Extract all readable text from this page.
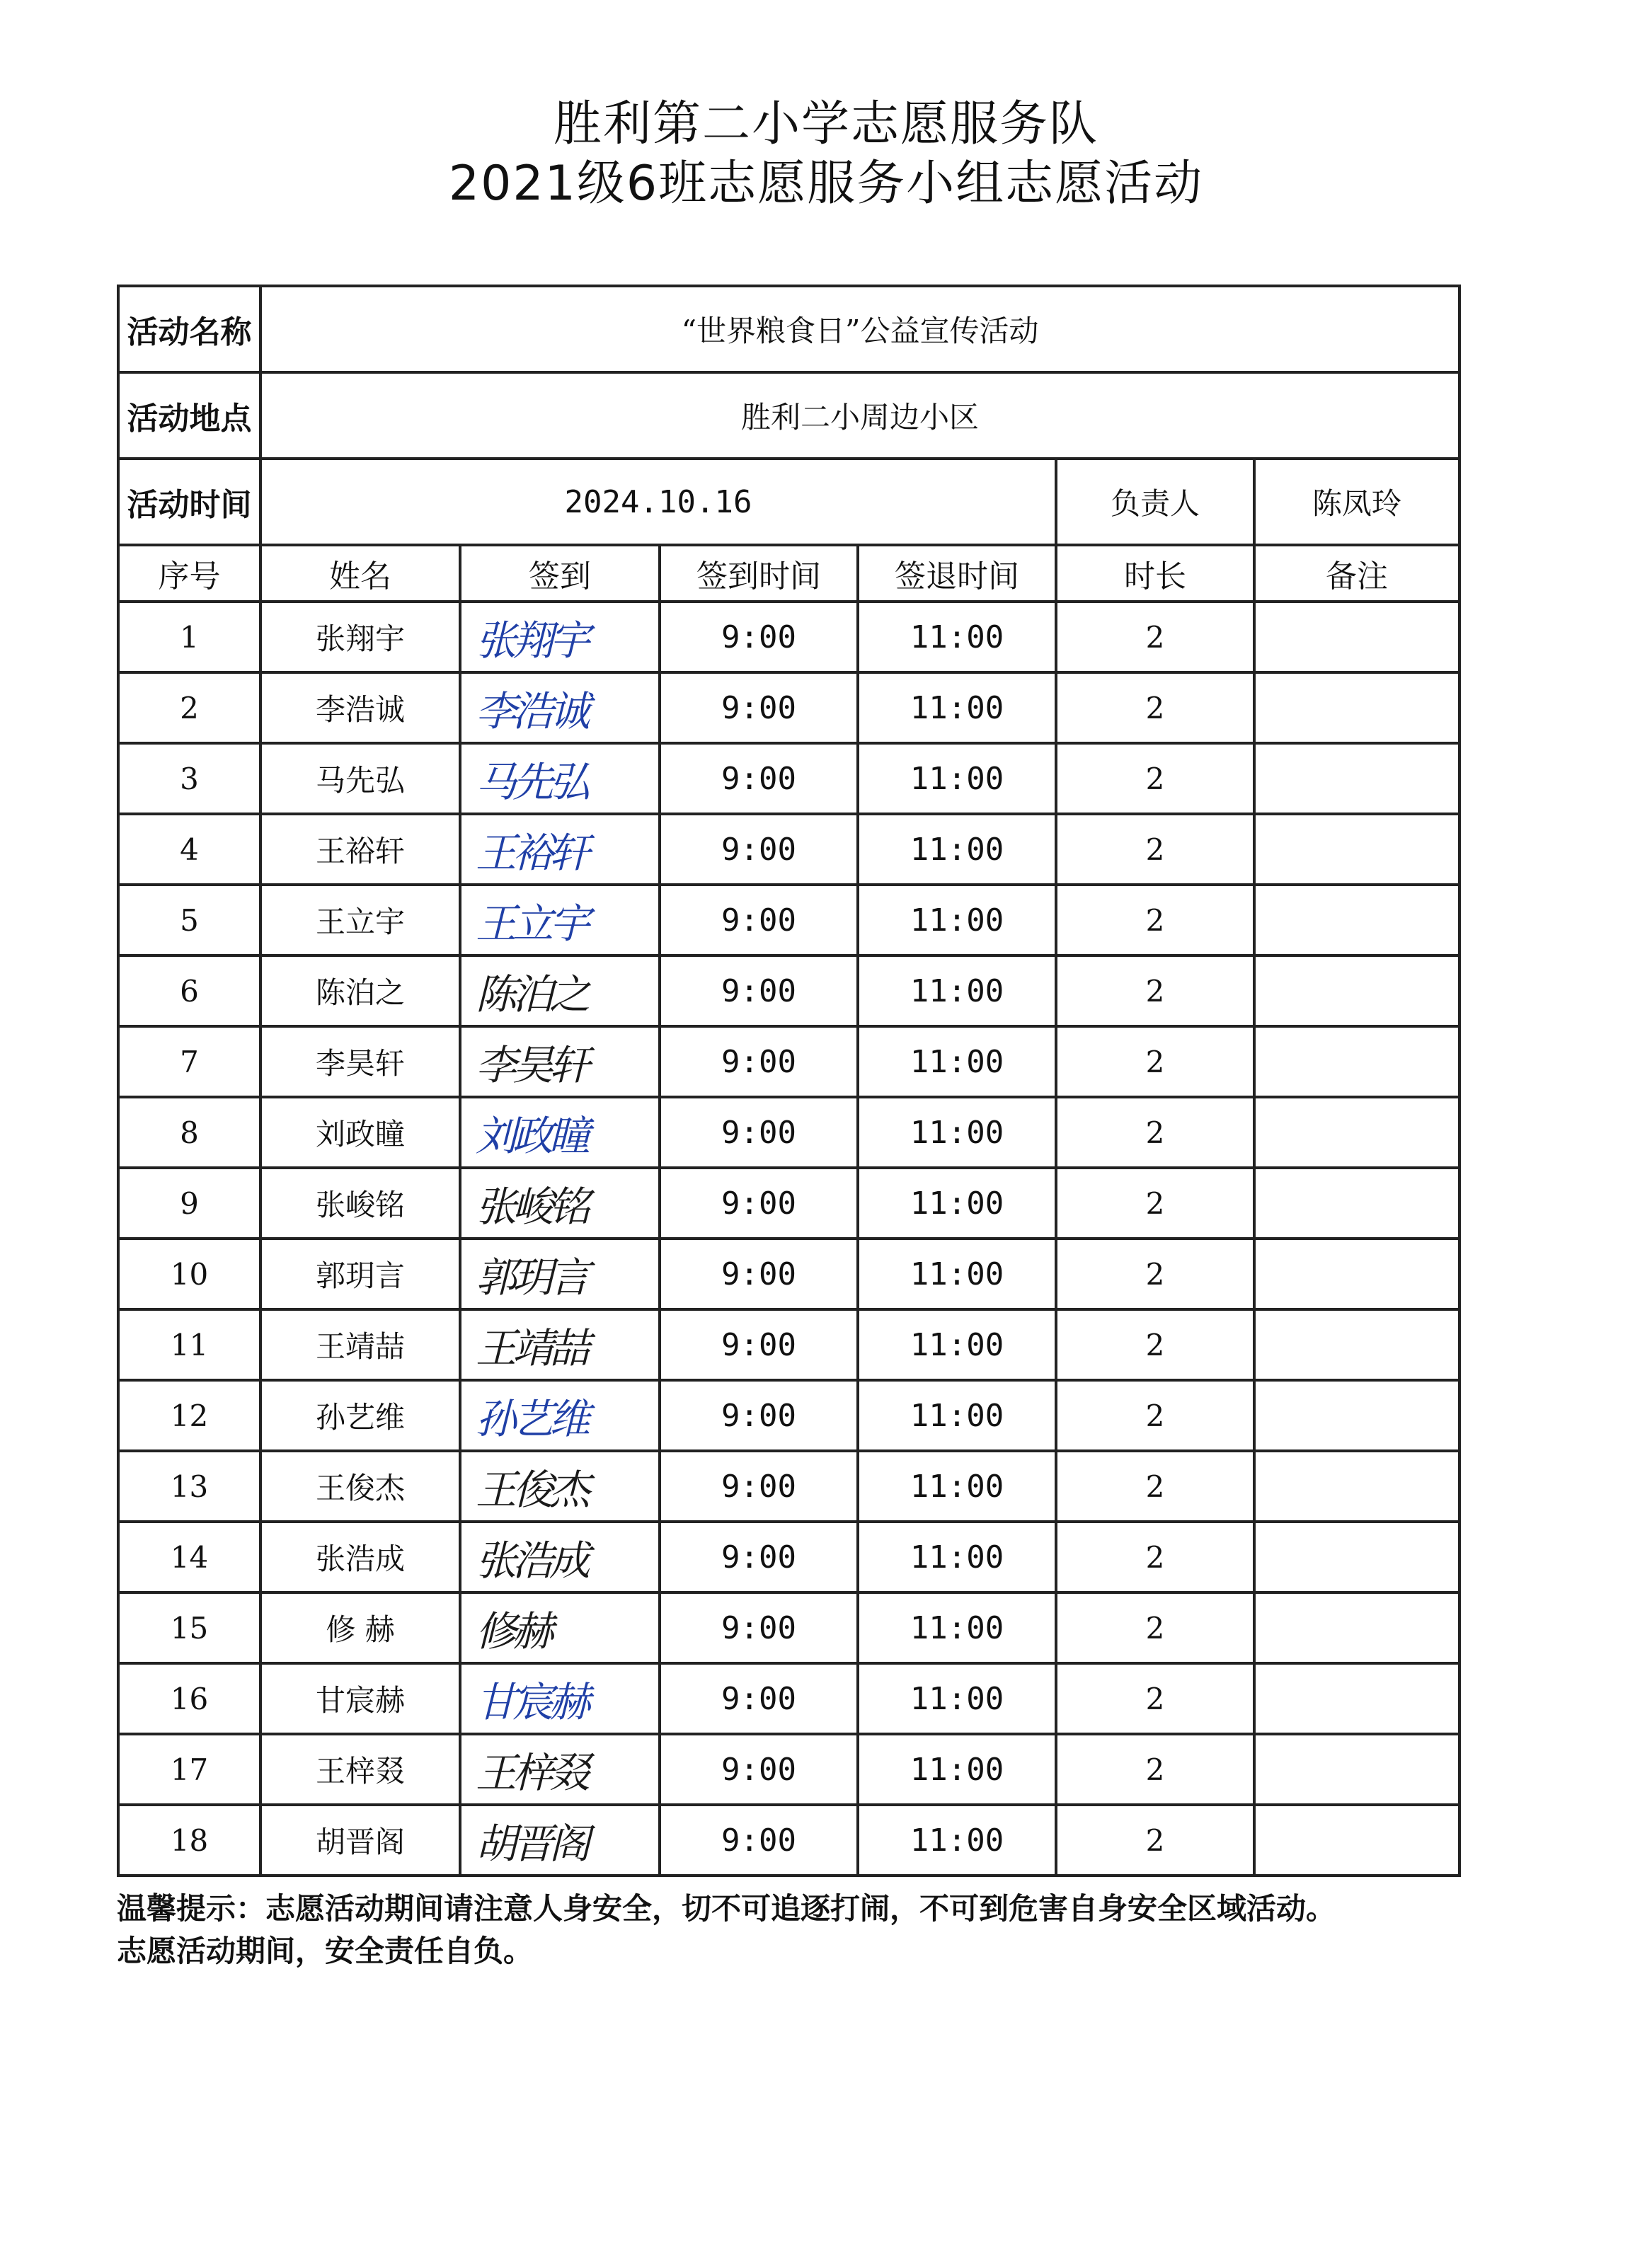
胜利第二小学志愿服务队
2021级6班志愿服务小组志愿活动
活动名称	“世界粮食日”公益宣传活动					
活动地点	胜利二小周边小区					
活动时间	2024.10.16				负责人	陈凤玲
序号	姓名	签到	签到时间	签退时间	时长	备注
1	张翔宇	张翔宇	9:00	11:00	2	
2	李浩诚	李浩诚	9:00	11:00	2	
3	马先弘	马先弘	9:00	11:00	2	
4	王裕轩	王裕轩	9:00	11:00	2	
5	王立宇	王立宇	9:00	11:00	2	
6	陈泊之	陈泊之	9:00	11:00	2	
7	李昊轩	李昊轩	9:00	11:00	2	
8	刘政瞳	刘政瞳	9:00	11:00	2	
9	张峻铭	张峻铭	9:00	11:00	2	
10	郭玥言	郭玥言	9:00	11:00	2	
11	王靖喆	王靖喆	9:00	11:00	2	
12	孙艺维	孙艺维	9:00	11:00	2	
13	王俊杰	王俊杰	9:00	11:00	2	
14	张浩成	张浩成	9:00	11:00	2	
15	修 赫	修赫	9:00	11:00	2	
16	甘宸赫	甘宸赫	9:00	11:00	2	
17	王梓叕	王梓叕	9:00	11:00	2	
18	胡晋阁	胡晋阁	9:00	11:00	2	
温馨提示：志愿活动期间请注意人身安全，切不可追逐打闹，不可到危害自身安全区域活动。
志愿活动期间，安全责任自负。
